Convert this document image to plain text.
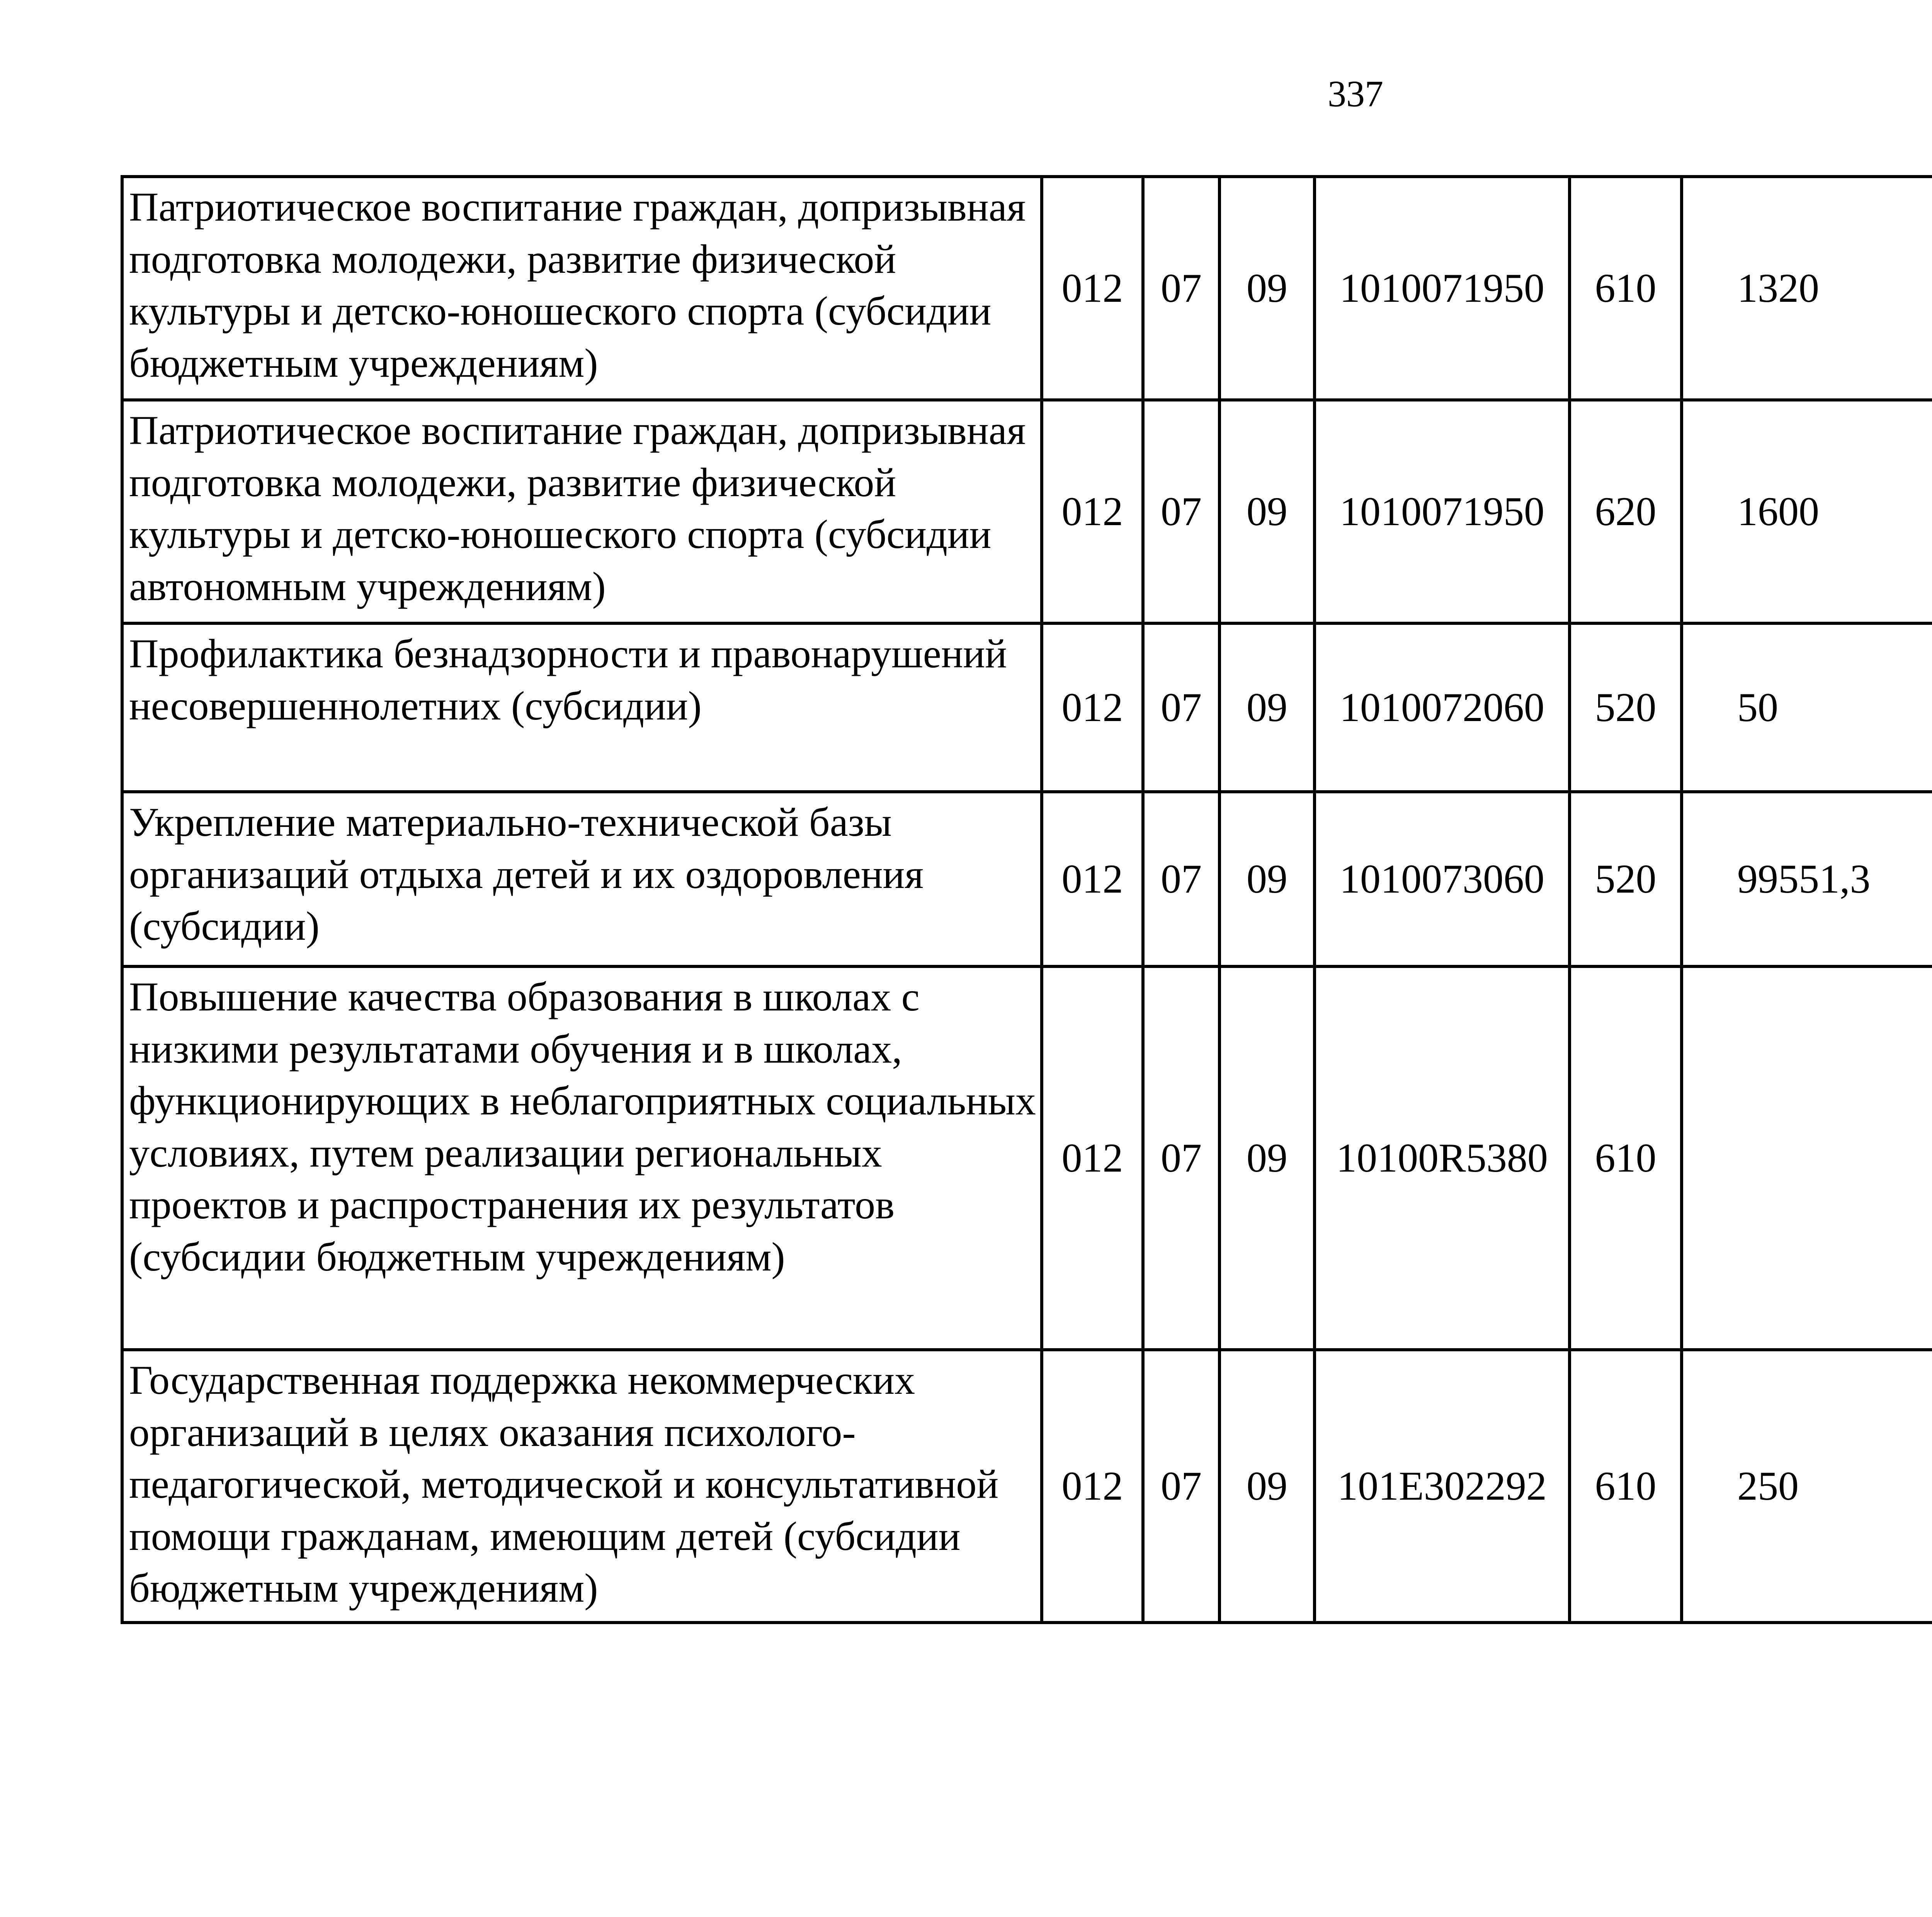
337
Патриотическое воспитание граждан, допризывная подготовка молодежи, развитие физической культуры и детско-юношеского спорта (субсидии бюджетным учреждениям)	012	07	09	1010071950	610	1320		
Патриотическое воспитание граждан, допризывная подготовка молодежи, развитие физической культуры и детско-юношеского спорта (субсидии автономным учреждениям)	012	07	09	1010071950	620	1600		
Профилактика безнадзорности и правонарушений несовершеннолетних (субсидии)	012	07	09	1010072060	520	50		
Укрепление материально-технической базы организаций отдыха детей и их оздоровления (субсидии)	012	07	09	1010073060	520	99551,3		
Повышение качества образования в школах с низкими результатами обучения и в школах, функционирующих в неблагоприятных социальных условиях, путем реализации региональных проектов и распространения их результатов (субсидии бюджетным учреждениям)	012	07	09	10100R5380	610			
Государственная поддержка некоммерческих организаций в целях оказания психолого-педагогической, методической и консультативной помощи гражданам, имеющим детей (субсидии бюджетным учреждениям)	012	07	09	101E302292	610	250		
